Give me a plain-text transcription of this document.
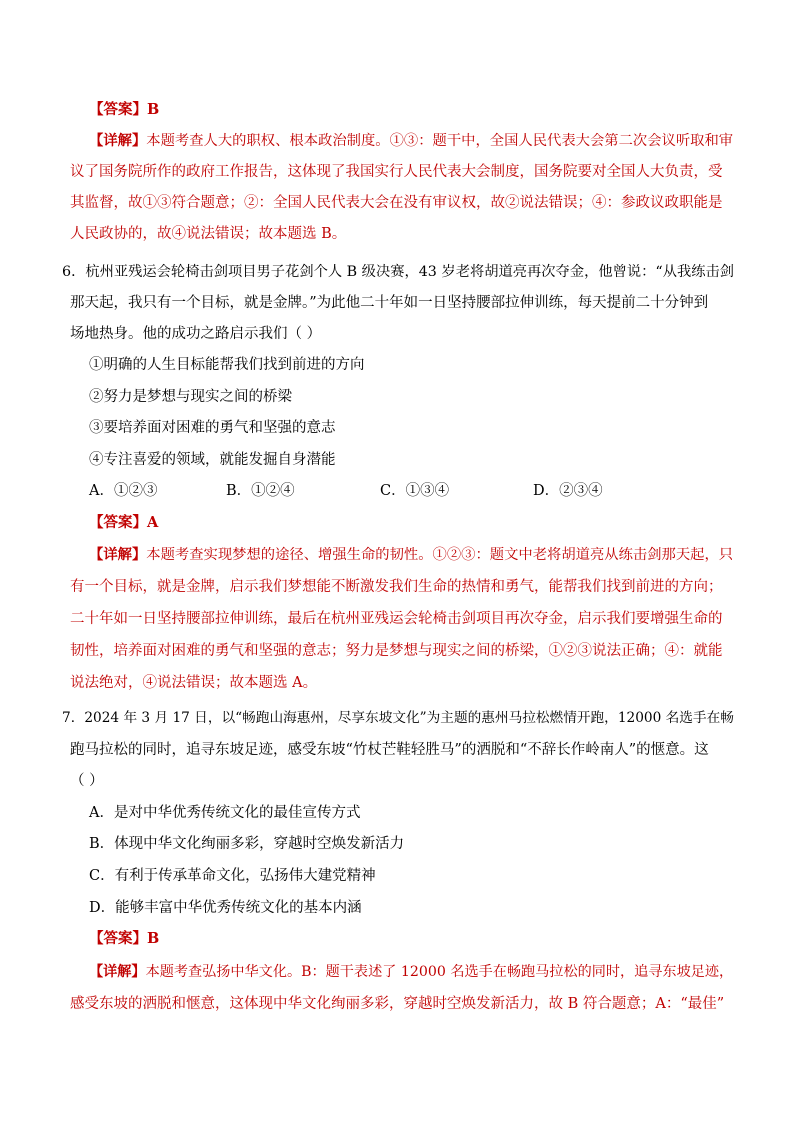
【答案】B
【详解】本题考查人大的职权、根本政治制度。①③：题干中，全国人民代表大会第二次会议听取和审
议了国务院所作的政府工作报告，这体现了我国实行人民代表大会制度，国务院要对全国人大负责，受
其监督，故①③符合题意；②：全国人民代表大会在没有审议权，故②说法错误；④：参政议政职能是
人民政协的，故④说法错误；故本题选 B。
6．杭州亚残运会轮椅击剑项目男子花剑个人 B 级决赛，43 岁老将胡道亮再次夺金，他曾说：“从我练击剑
那天起，我只有一个目标，就是金牌。”为此他二十年如一日坚持腰部拉伸训练，每天提前二十分钟到
场地热身。他的成功之路启示我们（ ）
①明确的人生目标能帮我们找到前进的方向
②努力是梦想与现实之间的桥梁
③要培养面对困难的勇气和坚强的意志
④专注喜爱的领域，就能发掘自身潜能
A．①②③	B．①②④	C．①③④	D．②③④
【答案】A
【详解】本题考查实现梦想的途径、增强生命的韧性。①②③：题文中老将胡道亮从练击剑那天起，只
有一个目标，就是金牌，启示我们梦想能不断激发我们生命的热情和勇气，能帮我们找到前进的方向；
二十年如一日坚持腰部拉伸训练，最后在杭州亚残运会轮椅击剑项目再次夺金，启示我们要增强生命的
韧性，培养面对困难的勇气和坚强的意志；努力是梦想与现实之间的桥梁，①②③说法正确；④：就能
说法绝对，④说法错误；故本题选 A。
7．2024 年 3 月 17 日，以“畅跑山海惠州，尽享东坡文化”为主题的惠州马拉松燃情开跑，12000 名选手在畅
跑马拉松的同时，追寻东坡足迹，感受东坡“竹杖芒鞋轻胜马”的洒脱和“不辞长作岭南人”的惬意。这
（ ）
A．是对中华优秀传统文化的最佳宣传方式
B．体现中华文化绚丽多彩，穿越时空焕发新活力
C．有利于传承革命文化，弘扬伟大建党精神
D．能够丰富中华优秀传统文化的基本内涵
【答案】B
【详解】本题考查弘扬中华文化。B：题干表述了 12000 名选手在畅跑马拉松的同时，追寻东坡足迹，
感受东坡的洒脱和惬意，这体现中华文化绚丽多彩，穿越时空焕发新活力，故 B 符合题意；A：“最佳”
